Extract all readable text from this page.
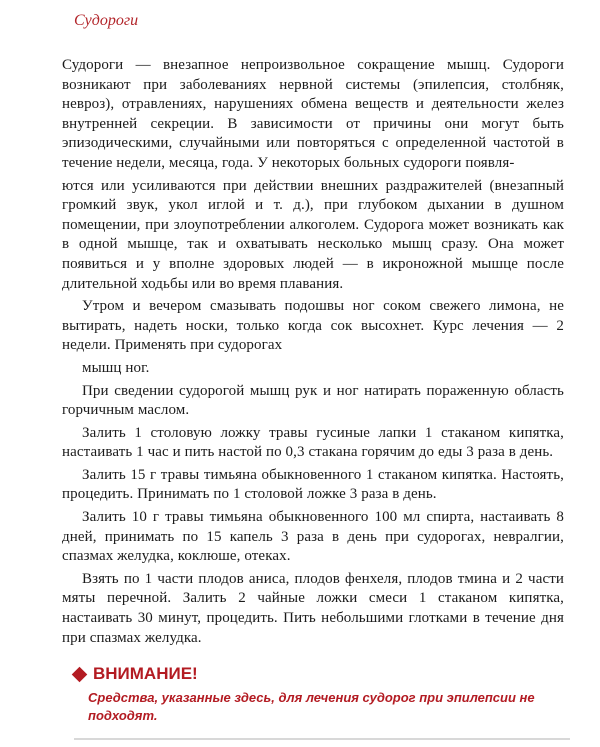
Судороги

Судороги — внезапное непроизвольное сокращение мышц. Судороги возникают при заболеваниях нервной системы (эпилепсия, столбняк, невроз), отравлениях, нарушениях обмена веществ и деятельности желез внутренней секреции. В зависимости от причины они могут быть эпизодическими, случайными или повторяться с определенной частотой в течение недели, месяца, года. У некоторых больных судороги появля-

ются или усиливаются при действии внешних раздражителей (внезапный громкий звук, укол иглой и т. д.), при глубоком дыхании в душном помещении, при злоупотреблении алкоголем. Судорога может возникать как в одной мышце, так и охватывать несколько мышц сразу. Она может появиться и у вполне здоровых людей — в икроножной мышце после длительной ходьбы или во время плавания.

Утром и вечером смазывать подошвы ног соком свежего лимона, не вытирать, надеть носки, только когда сок высохнет. Курс лечения — 2 недели. Применять при судорогах

мышц ног.

При сведении судорогой мышц рук и ног натирать пораженную область горчичным маслом.

Залить 1 столовую ложку травы гусиные лапки 1 стаканом кипятка, настаивать 1 час и пить настой по 0,3 стакана горячим до еды 3 раза в день.

Залить 15 г травы тимьяна обыкновенного 1 стаканом кипятка. Настоять, процедить. Принимать по 1 столовой ложке 3 раза в день.

Залить 10 г травы тимьяна обыкновенного 100 мл спирта, настаивать 8 дней, принимать по 15 капель 3 раза в день при судорогах, невралгии, спазмах желудка, коклюше, отеках.

Взять по 1 части плодов аниса, плодов фенхеля, плодов тмина и 2 части мяты перечной. Залить 2 чайные ложки смеси 1 стаканом кипятка, настаивать 30 минут, процедить. Пить небольшими глотками в течение дня при спазмах желудка.

ВНИМАНИЕ!
Средства, указанные здесь, для лечения судорог при эпилепсии не подходят.
